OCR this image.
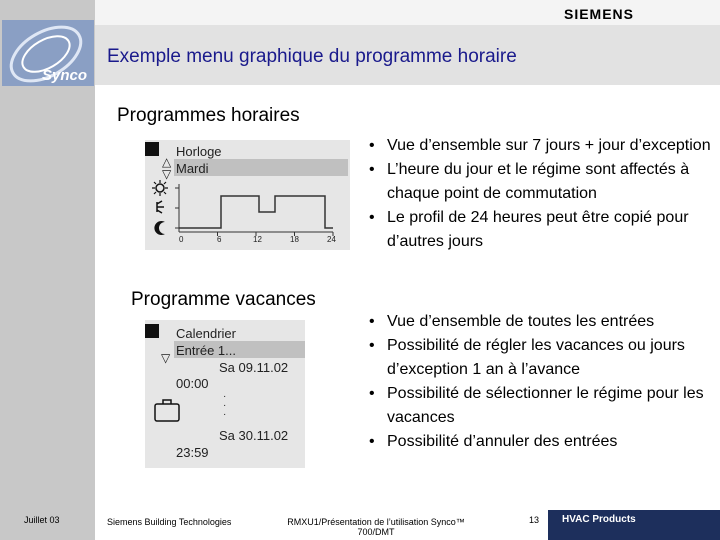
SIEMENS
Synco
Exemple menu graphique du programme horaire
Programmes horaires
△
▽
Horloge
Mardi
0	6	12	18	24
• Vue d’ensemble sur 7 jours + jour d’exception
• L’heure du jour et le régime sont affectés à chaque point de commutation
• Le profil de 24 heures peut être copié pour d’autres jours
Programme vacances
▽
Calendrier
Entrée 1...
Sa 09.11.02
00:00
·
·
·
Sa 30.11.02
23:59
• Vue d’ensemble de toutes les entrées
• Possibilité de régler les vacances ou jours d’exception 1 an à l’avance
• Possibilité de sélectionner le régime pour les vacances
• Possibilité d’annuler des entrées
Juillet 03	Siemens Building Technologies	RMXU1/Présentation de l’utilisation Synco™
700/DMT
13 HVAC Products
